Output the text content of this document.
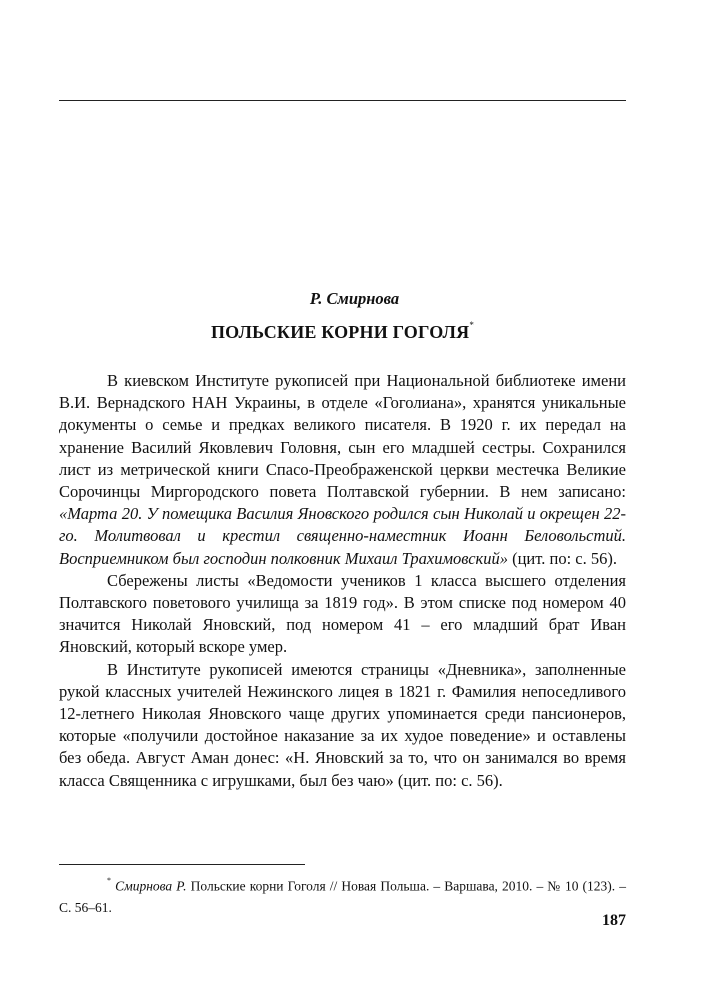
Р. Смирнова
ПОЛЬСКИЕ КОРНИ ГОГОЛЯ*

В киевском Институте рукописей при Национальной библиотеке имени В.И. Вернадского НАН Украины, в отделе «Гоголиана», хранятся уникальные документы о семье и предках великого писателя. В 1920 г. их передал на хранение Василий Яковлевич Головня, сын его младшей сестры. Сохранился лист из метрической книги Спасо-Преображенской церкви местечка Великие Сорочинцы Миргородского повета Полтавской губернии. В нем записано: «Марта 20. У помещика Василия Яновского родился сын Николай и окрещен 22-го. Молитвовал и крестил священно-наместник Иоанн Беловольстий. Восприемником был господин полковник Михаил Трахимовский» (цит. по: с. 56).

Сбережены листы «Ведомости учеников 1 класса высшего отделения Полтавского поветового училища за 1819 год». В этом списке под номером 40 значится Николай Яновский, под номером 41 – его младший брат Иван Яновский, который вскоре умер.

В Институте рукописей имеются страницы «Дневника», заполненные рукой классных учителей Нежинского лицея в 1821 г. Фамилия непоседливого 12-летнего Николая Яновского чаще других упоминается среди пансионеров, которые «получили достойное наказание за их худое поведение» и оставлены без обеда. Август Аман донес: «Н. Яновский за то, что он занимался во время класса Священника с игрушками, был без чаю» (цит. по: с. 56).

* Смирнова Р. Польские корни Гоголя // Новая Польша. – Варшава, 2010. – № 10 (123). – С. 56–61.
187
